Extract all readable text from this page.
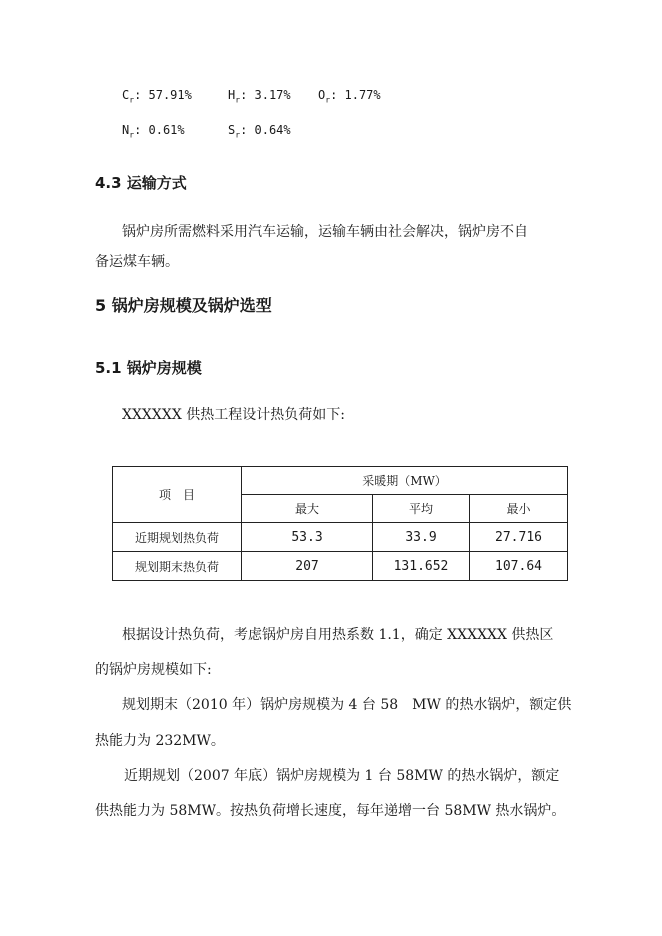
$C_r$: 57.91%	$H_r$: 3.17% $O_r$: 1.77%
$N_r$: 0.61%	$S_r$: 0.64%
4.3 运输方式
锅炉房所需燃料采用汽车运输，运输车辆由社会解决，锅炉房不自
备运煤车辆。
5 锅炉房规模及锅炉选型
5.1 锅炉房规模
XXXXXX 供热工程设计热负荷如下:
项　目	采暖期（MW）		
	最大	平均	最小
近期规划热负荷	53.3	33.9	27.716
规划期末热负荷	207	131.652	107.64
根据设计热负荷，考虑锅炉房自用热系数 1.1，确定 XXXXXX 供热区
的锅炉房规模如下:
规划期末（2010 年）锅炉房规模为 4 台 58　MW 的热水锅炉，额定供
热能力为 232MW。
近期规划（2007 年底）锅炉房规模为 1 台 58MW 的热水锅炉，额定
供热能力为 58MW。按热负荷增长速度，每年递增一台 58MW 热水锅炉。
